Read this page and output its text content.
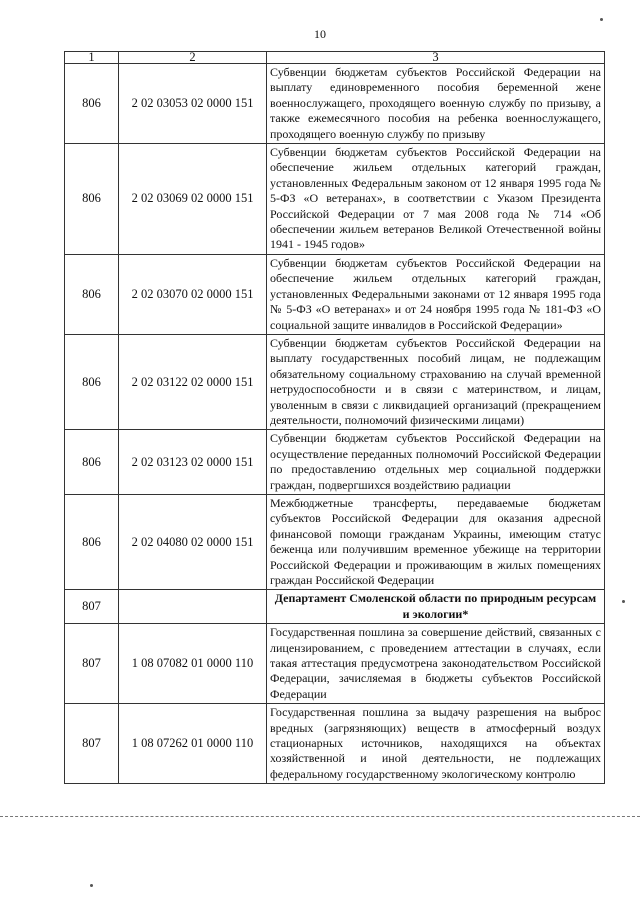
10
1	2	3
806	2 02 03053 02 0000 151	Субвенции бюджетам субъектов Российской Федерации на выплату единовременного пособия беременной жене военнослужащего, проходящего военную службу по призыву, а также ежемесячного пособия на ребенка военнослужащего, проходящего военную службу по призыву
806	2 02 03069 02 0000 151	Субвенции бюджетам субъектов Российской Федерации на обеспечение жильем отдельных категорий граждан, установленных Федеральным законом от 12 января 1995 года № 5-ФЗ «О ветеранах», в соответствии с Указом Президента Российской Федерации от 7 мая 2008 года № 714 «Об обеспечении жильем ветеранов Великой Отечественной войны 1941 - 1945 годов»
806	2 02 03070 02 0000 151	Субвенции бюджетам субъектов Российской Федерации на обеспечение жильем отдельных категорий граждан, установленных Федеральными законами от 12 января 1995 года № 5-ФЗ «О ветеранах» и от 24 ноября 1995 года № 181-ФЗ «О социальной защите инвалидов в Российской Федерации»
806	2 02 03122 02 0000 151	Субвенции бюджетам субъектов Российской Федерации на выплату государственных пособий лицам, не подлежащим обязательному социальному страхованию на случай временной нетрудоспособности и в связи с материнством, и лицам, уволенным в связи с ликвидацией организаций (прекращением деятельности, полномочий физическими лицами)
806	2 02 03123 02 0000 151	Субвенции бюджетам субъектов Российской Федерации на осуществление переданных полномочий Российской Федерации по предоставлению отдельных мер социальной поддержки граждан, подвергшихся воздействию радиации
806	2 02 04080 02 0000 151	Межбюджетные трансферты, передаваемые бюджетам субъектов Российской Федерации для оказания адресной финансовой помощи гражданам Украины, имеющим статус беженца или получившим временное убежище на территории Российской Федерации и проживающим в жилых помещениях граждан Российской Федерации
807		Департамент Смоленской области по природным ресурсам и экологии*
807	1 08 07082 01 0000 110	Государственная пошлина за совершение действий, связанных с лицензированием, с проведением аттестации в случаях, если такая аттестация предусмотрена законодательством Российской Федерации, зачисляемая в бюджеты субъектов Российской Федерации
807	1 08 07262 01 0000 110	Государственная пошлина за выдачу разрешения на выброс вредных (загрязняющих) веществ в атмосферный воздух стационарных источников, находящихся на объектах хозяйственной и иной деятельности, не подлежащих федеральному государственному экологическому контролю
